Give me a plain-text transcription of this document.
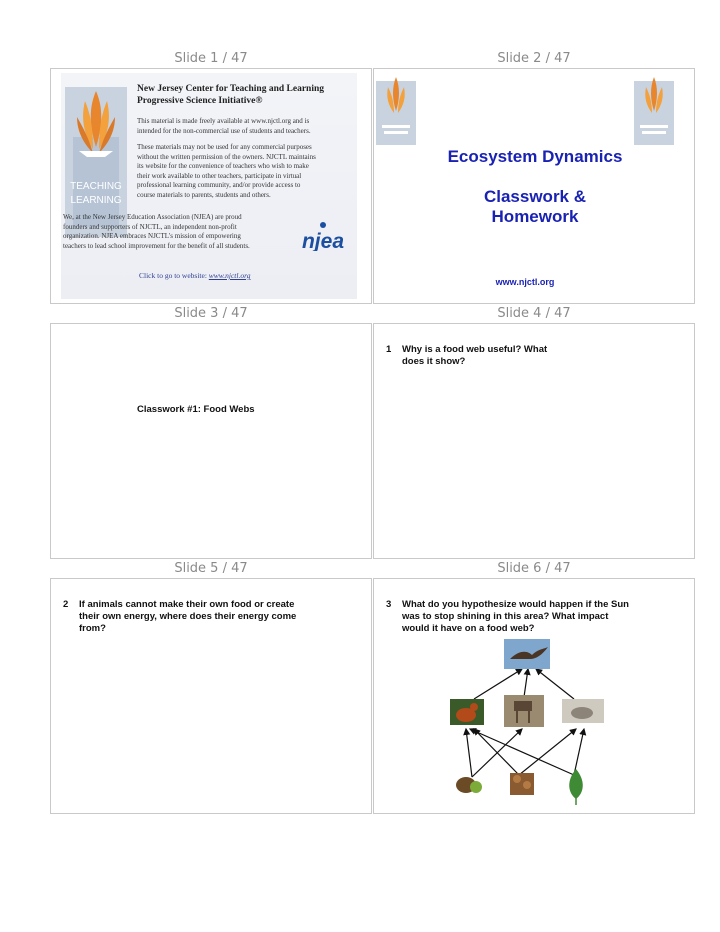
Slide 1 / 47	Slide 2 / 47
Slide 3 / 47	Slide 4 / 47
Slide 5 / 47	Slide 6 / 47
TEACHING
LEARNING
New Jersey Center for Teaching and Learning
Progressive Science Initiative®
This material is made freely available at www.njctl.org and is
intended for the non-commercial use of students and teachers.
These materials may not be used for any commercial purposes
without the written permission of the owners. NJCTL maintains
its website for the convenience of teachers who wish to make
their work available to other teachers, participate in virtual
professional learning community, and/or provide access to
course materials to parents, students and others.
We, at the New Jersey Education Association (NJEA) are proud
founders and supporters of NJCTL, an independent non-profit
organization. NJEA embraces NJCTL's mission of empowering
teachers to lead school improvement for the benefit of all students.	njea
Click to go to website: www.njctl.org
Ecosystem Dynamics
Classwork &
Homework
www.njctl.org
Classwork #1: Food Webs
1 Why is a food web useful? What
does it show?
2 If animals cannot make their own food or create
their own energy, where does their energy come
from?
3 What do you hypothesize would happen if the Sun
was to stop shining in this area? What impact
would it have on a food web?
